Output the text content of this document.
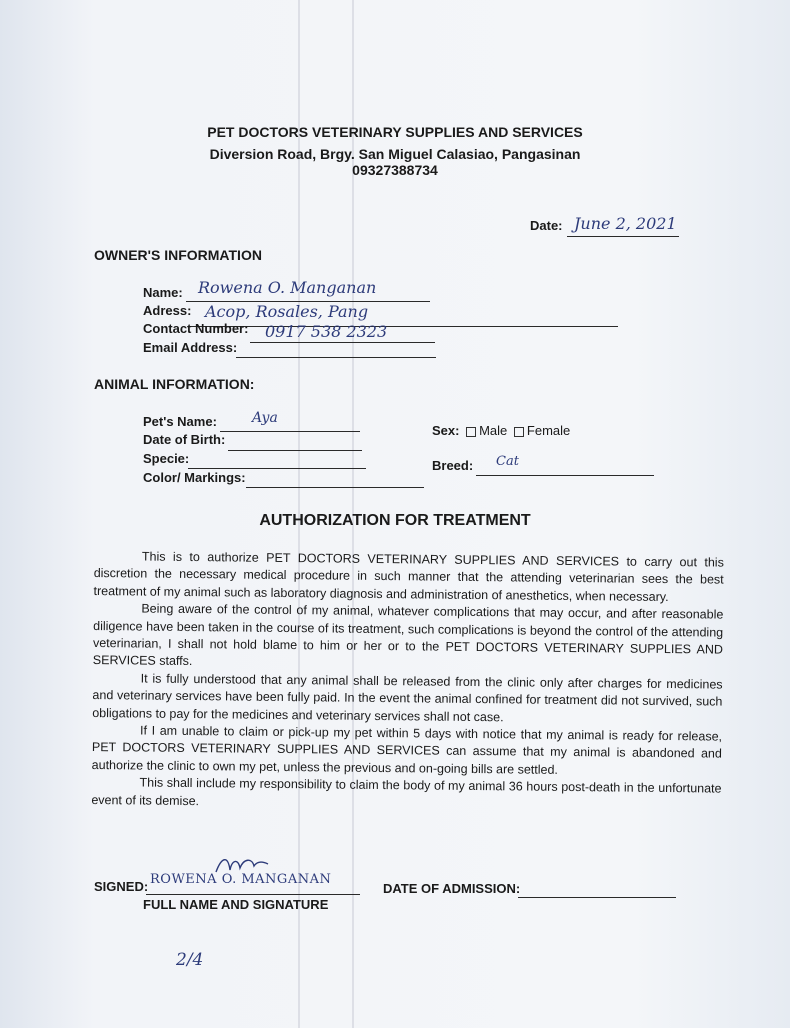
PET DOCTORS VETERINARY SUPPLIES AND SERVICES
Diversion Road, Brgy. San Miguel Calasiao, Pangasinan
09327388734
Date: June 2, 2021
OWNER'S INFORMATION
Name: Rowena O. Manganan
Adress: Acop, Rosales, Pang
Contact Number: 0917 538 2323
Email Address:
ANIMAL INFORMATION:
Pet's Name:	Aya
Date of Birth:
Specie:
Color/ Markings:
Sex: Male Female
Breed: Cat
AUTHORIZATION FOR TREATMENT

This is to authorize PET DOCTORS VETERINARY SUPPLIES AND SERVICES to carry out this discretion the necessary medical procedure in such manner that the attending veterinarian sees the best treatment of my animal such as laboratory diagnosis and administration of anesthetics, when necessary.

Being aware of the control of my animal, whatever complications that may occur, and after reasonable diligence have been taken in the course of its treatment, such complications is beyond the control of the attending veterinarian, I shall not hold blame to him or her or to the PET DOCTORS VETERINARY SUPPLIES AND SERVICES staffs.

It is fully understood that any animal shall be released from the clinic only after charges for medicines and veterinary services have been fully paid. In the event the animal confined for treatment did not survived, such obligations to pay for the medicines and veterinary services shall not case.

If I am unable to claim or pick-up my pet within 5 days with notice that my animal is ready for release, PET DOCTORS VETERINARY SUPPLIES AND SERVICES can assume that my animal is abandoned and authorize the clinic to own my pet, unless the previous and on-going bills are settled.

This shall include my responsibility to claim the body of my animal 36 hours post-death in the unfortunate event of its demise.

SIGNED: ROWENA O. MANGANAN
FULL NAME AND SIGNATURE
DATE OF ADMISSION:
2/4
